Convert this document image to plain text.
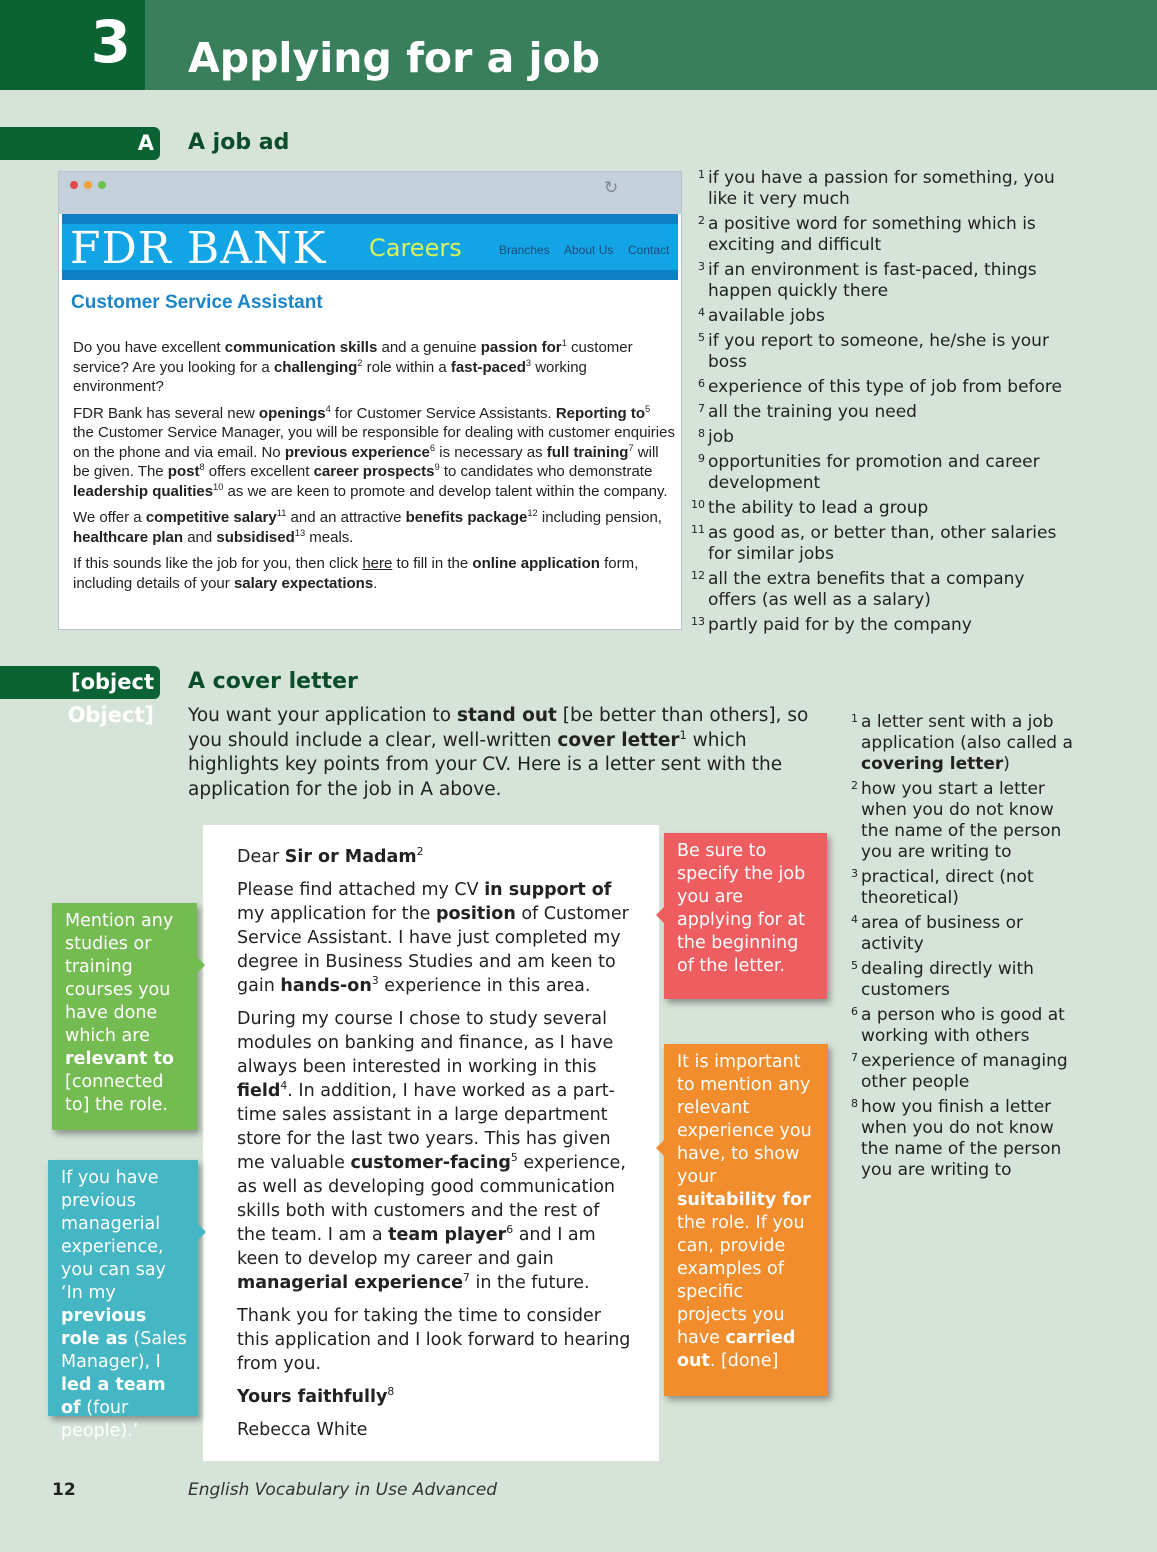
3	Applying for a job
A A job ad
↻
FDR BANK Careers	Branches About Us Contact
Customer Service Assistant

Do you have excellent communication skills and a genuine passion for$^1$ customer service? Are you looking for a challenging$^2$ role within a fast-paced$^3$ working environment?

FDR Bank has several new openings$^4$ for Customer Service Assistants. Reporting $to^5$ the Customer Service Manager, you will be responsible for dealing with customer enquiries on the phone and via email. No previous experience$^6$ is necessary as full training$^7$ will be given. The post$^8$ offers excellent career prospects$^9$ to candidates who demonstrate leadership qualities$^{10}$ as we are keen to promote and develop talent within the company.

We offer a competitive salary$^{11}$ and an attractive benefits package$^{12}$ including pension, healthcare plan and subsidised$^{13}$ meals.

If this sounds like the job for you, then click here to fill in the online application form, including details of your salary expectations.

1 if you have a passion for something, you like it very much
2 a positive word for something which is exciting and difficult
3 if an environment is fast-paced, things happen quickly there
4 available jobs
5 if you report to someone, he/she is your boss
6 experience of this type of job from before
7 all the training you need
8 job
9 opportunities for promotion and career development
10 the ability to lead a group
11 as good as, or better than, other salaries for similar jobs
12 all the extra benefits that a company offers (as well as a salary)
13 partly paid for by the company
[object Object]
A cover letter
You want your application to stand out [be better than others], so you should include a clear, well-written cover letter$^1$ which highlights key points from your CV. Here is a letter sent with the application for the job in A above.
1 a letter sent with a job application (also called a covering letter)
2 how you start a letter when you do not know the name of the person you are writing to
3 practical, direct (not theoretical)
4 area of business or activity
5 dealing directly with customers
6 a person who is good at working with others
7 experience of managing other people
8 how you finish a letter when you do not know the name of the person you are writing to

Dear Sir or Madam$^2$

Please find attached my CV in support of my application for the position of Customer Service Assistant. I have just completed my degree in Business Studies and am keen to gain hands-$on^3$ experience in this area.

During my course I chose to study several modules on banking and finance, as I have always been interested in working in this field$^4$. In addition, I have worked as a part-time sales assistant in a large department store for the last two years. This has given me valuable customer-facing$^5$ experience, as well as developing good communication skills both with customers and the rest of the team. I am a team player$^6$ and I am keen to develop my career and gain managerial experience$^7$ in the future.

Thank you for taking the time to consider this application and I look forward to hearing from you.

Yours faithfully$^8$

Rebecca White

Mention any studies or training courses you have done which are relevant to [connected to] the role.
If you have previous managerial experience, you can say ‘In my previous role as (Sales Manager), I led a team of (four people).’
Be sure to specify the job you are applying for at the beginning of the letter.
It is important to mention any relevant experience you have, to show your suitability for the role. If you can, provide examples of specific projects you have carried out. [done]
12	English Vocabulary in Use Advanced
